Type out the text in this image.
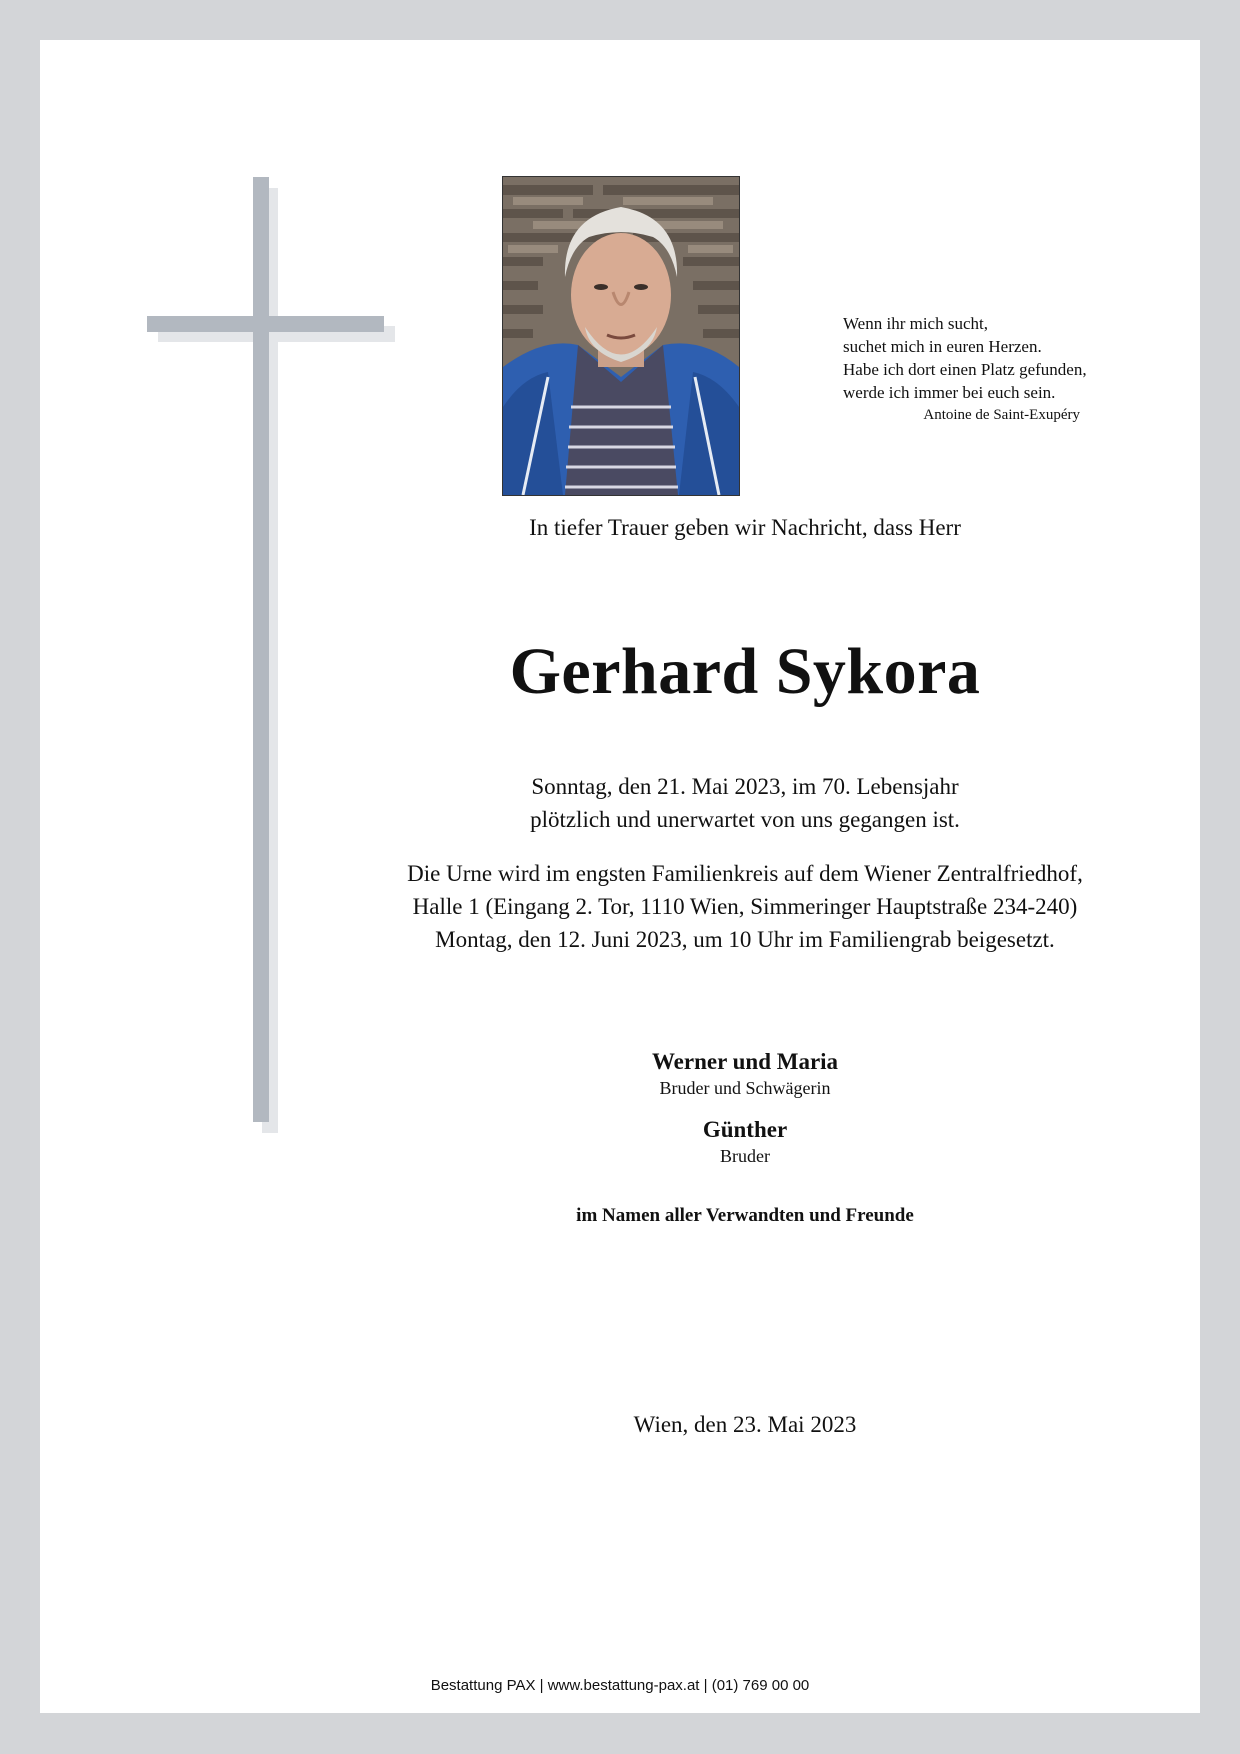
Wenn ihr mich sucht,
suchet mich in euren Herzen.
Habe ich dort einen Platz gefunden,
werde ich immer bei euch sein.
Antoine de Saint-Exupéry
In tiefer Trauer geben wir Nachricht, dass Herr
Gerhard Sykora
Sonntag, den 21. Mai 2023, im 70. Lebensjahr
plötzlich und unerwartet von uns gegangen ist.
Die Urne wird im engsten Familienkreis auf dem Wiener Zentralfriedhof,
Halle 1 (Eingang 2. Tor, 1110 Wien, Simmeringer Hauptstraße 234-240)
Montag, den 12. Juni 2023, um 10 Uhr im Familiengrab beigesetzt.
Werner und Maria
Bruder und Schwägerin
Günther
Bruder
im Namen aller Verwandten und Freunde
Wien, den 23. Mai 2023
Bestattung PAX | www.bestattung-pax.at | (01) 769 00 00
